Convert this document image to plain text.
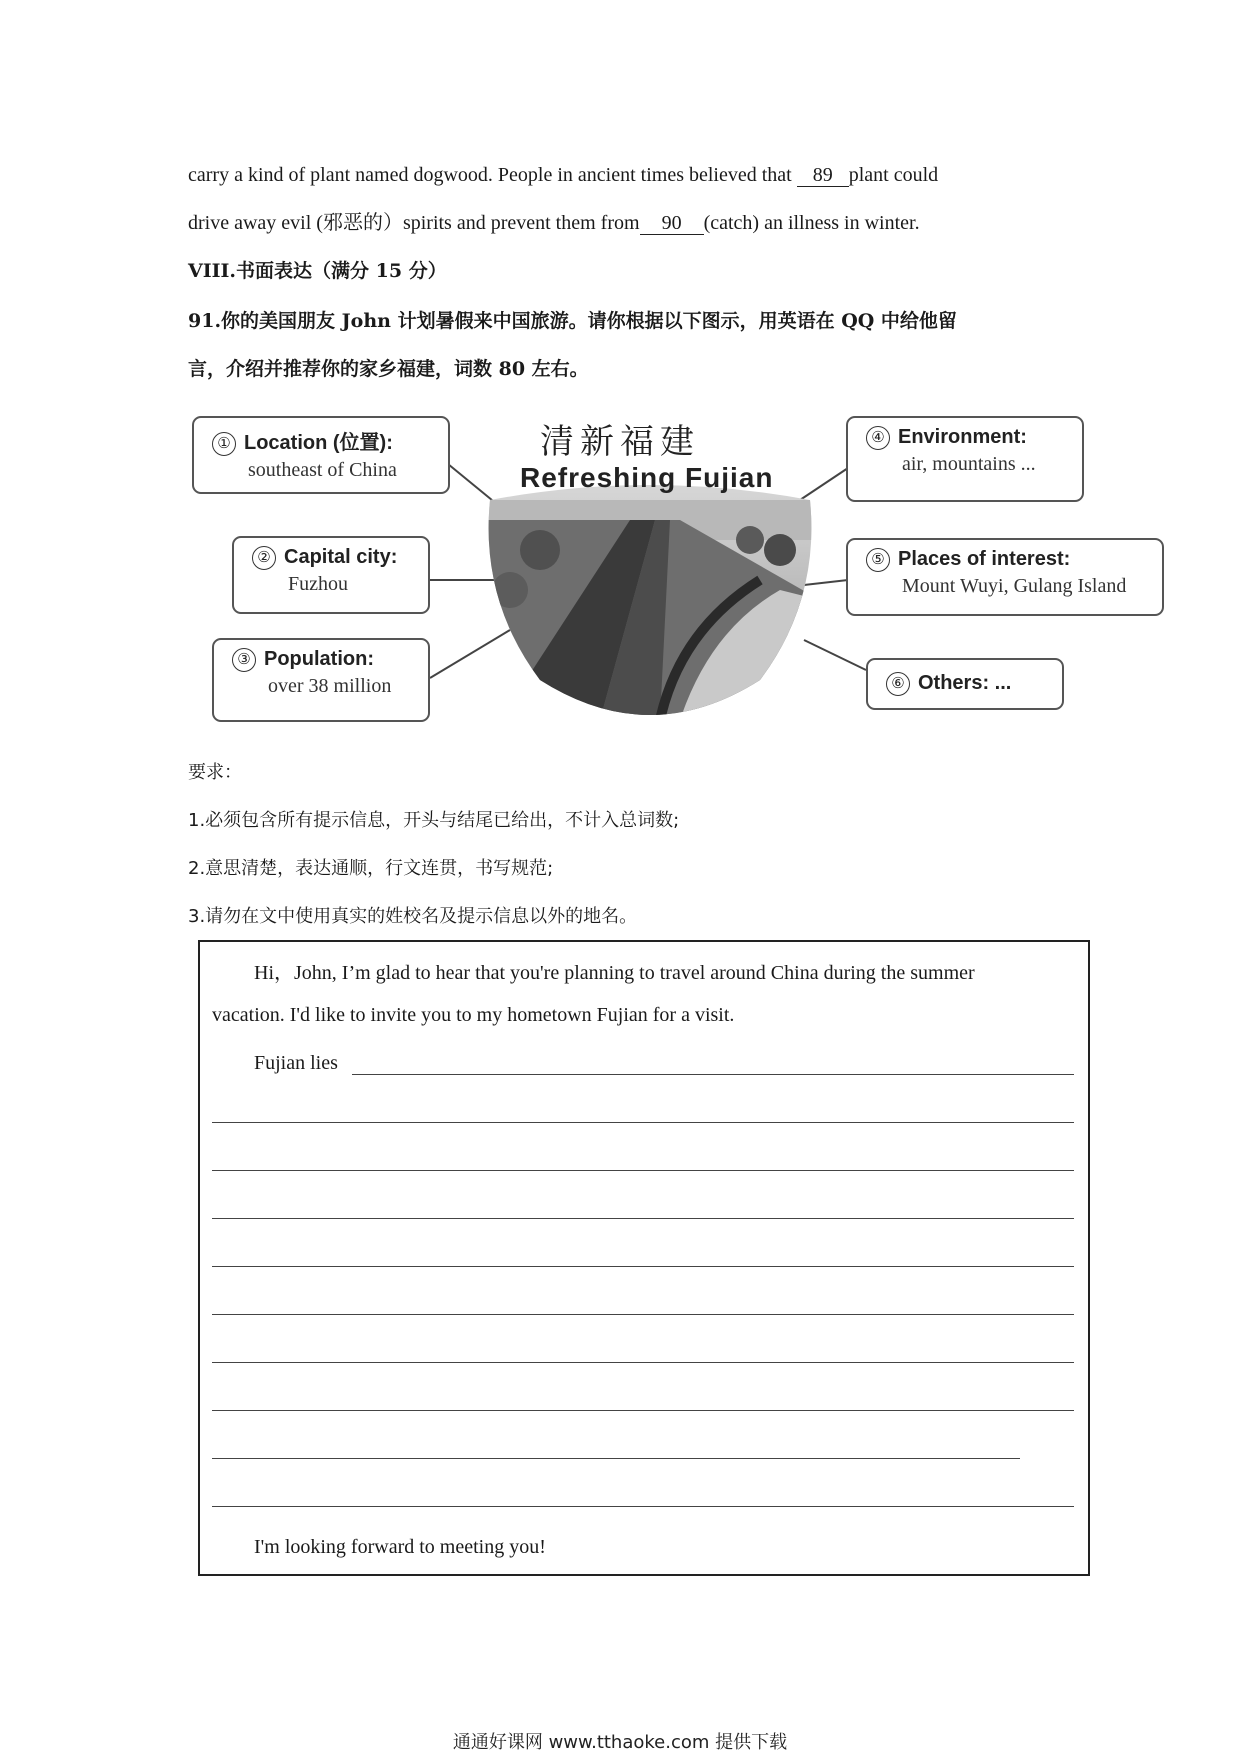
carry a kind of plant named dogwood. People in ancient times believed that 89 plant could
drive away evil (邪恶的）spirits and prevent them from 90 (catch) an illness in winter.
VIII.书面表达（满分 15 分）
91.你的美国朋友 John 计划暑假来中国旅游。请你根据以下图示，用英语在 QQ 中给他留
言，介绍并推荐你的家乡福建，词数 80 左右。
清新福建
Refreshing Fujian
① Location (位置):
southeast of China
② Capital city:
Fuzhou
③ Population:
over 38 million
④ Environment:
air, mountains ...
⑤ Places of interest:
Mount Wuyi, Gulang Island
⑥ Others: ...
要求：
1.必须包含所有提示信息，开头与结尾已给出，不计入总词数;
2.意思清楚，表达通顺，行文连贯，书写规范;
3.请勿在文中使用真实的姓校名及提示信息以外的地名。
Hi，John, I’m glad to hear that you're planning to travel around China during the summer
vacation. I'd like to invite you to my hometown Fujian for a visit.
Fujian lies
I'm looking forward to meeting you!
通通好课网 www.tthaoke.com 提供下载
